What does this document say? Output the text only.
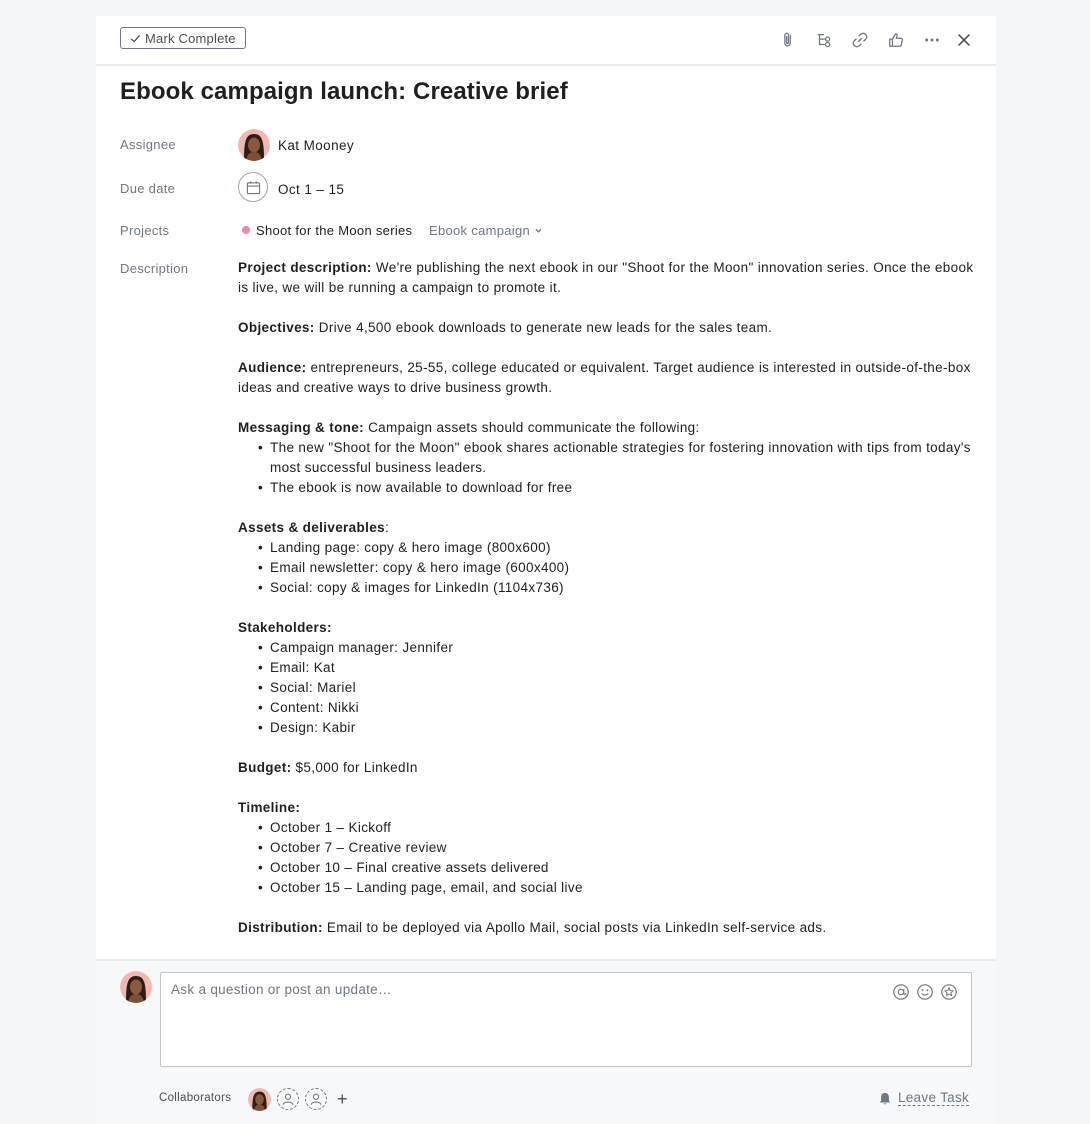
Mark Complete
Ebook campaign launch: Creative brief
Assignee	Kat Mooney
Due date	Oct 1 – 15
Projects	Shoot for the Moon series Ebook campaign
Description	Project description: We're publishing the next ebook in our "Shoot for the Moon" innovation series. Once the ebook is live, we will be running a campaign to promote it.

Objectives: Drive 4,500 ebook downloads to generate new leads for the sales team.

Audience: entrepreneurs, 25-55, college educated or equivalent. Target audience is interested in outside-of-the-box ideas and creative ways to drive business growth.

Messaging & tone: Campaign assets should communicate the following:

• The new "Shoot for the Moon" ebook shares actionable strategies for fostering innovation with tips from today's most successful business leaders.
• The ebook is now available to download for free

Assets & deliverables:

• Landing page: copy & hero image (800x600)
• Email newsletter: copy & hero image (600x400)
• Social: copy & images for LinkedIn (1104x736)

Stakeholders:

• Campaign manager: Jennifer
• Email: Kat
• Social: Mariel
• Content: Nikki
• Design: Kabir

Budget: $5,000 for LinkedIn

Timeline:

• October 1 – Kickoff
• October 7 – Creative review
• October 10 – Final creative assets delivered
• October 15 – Landing page, email, and social live

Distribution: Email to be deployed via Apollo Mail, social posts via LinkedIn self-service ads.

Ask a question or post an update…
Collaborators	+	Leave Task
